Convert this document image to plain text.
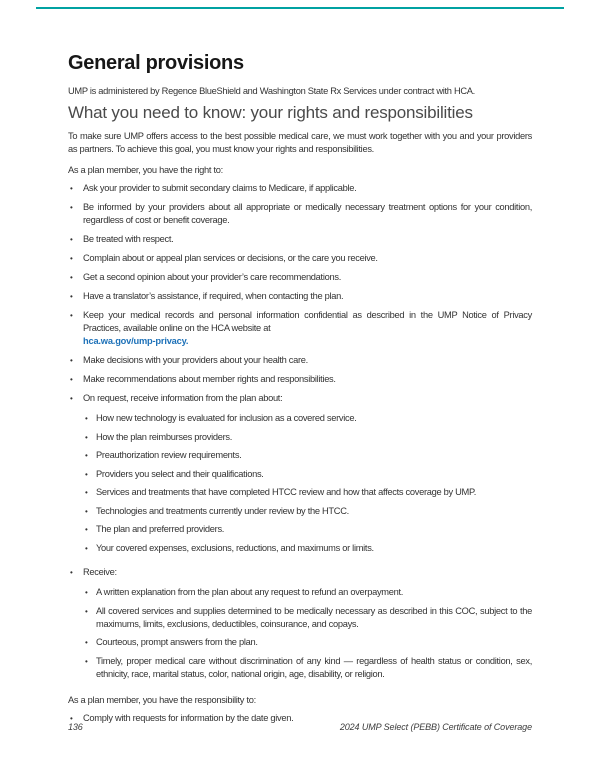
General provisions

UMP is administered by Regence BlueShield and Washington State Rx Services under contract with HCA.

What you need to know: your rights and responsibilities

To make sure UMP offers access to the best possible medical care, we must work together with you and your providers as partners. To achieve this goal, you must know your rights and responsibilities.

As a plan member, you have the right to:

•	Ask your provider to submit secondary claims to Medicare, if applicable.
•	Be informed by your providers about all appropriate or medically necessary treatment options for your condition, regardless of cost or benefit coverage.
•	Be treated with respect.
•	Complain about or appeal plan services or decisions, or the care you receive.
•	Get a second opinion about your provider’s care recommendations.
•	Have a translator’s assistance, if required, when contacting the plan.
•	Keep your medical records and personal information confidential as described in the UMP Notice of Privacy Practices, available online on the HCA website at
hca.wa.gov/ump-privacy.
•	Make decisions with your providers about your health care.
•	Make recommendations about member rights and responsibilities.
•	On request, receive information from the plan about:
• How new technology is evaluated for inclusion as a covered service.
• How the plan reimburses providers.
• Preauthorization review requirements.
• Providers you select and their qualifications.
• Services and treatments that have completed HTCC review and how that affects coverage by UMP.
• Technologies and treatments currently under review by the HTCC.
• The plan and preferred providers.
• Your covered expenses, exclusions, reductions, and maximums or limits.
•	Receive:
• A written explanation from the plan about any request to refund an overpayment.
• All covered services and supplies determined to be medically necessary as described in this COC, subject to the maximums, limits, exclusions, deductibles, coinsurance, and copays.
• Courteous, prompt answers from the plan.
• Timely, proper medical care without discrimination of any kind — regardless of health status or condition, sex, ethnicity, race, marital status, color, national origin, age, disability, or religion.

As a plan member, you have the responsibility to:

•	Comply with requests for information by the date given.
136	2024 UMP Select (PEBB) Certificate of Coverage
